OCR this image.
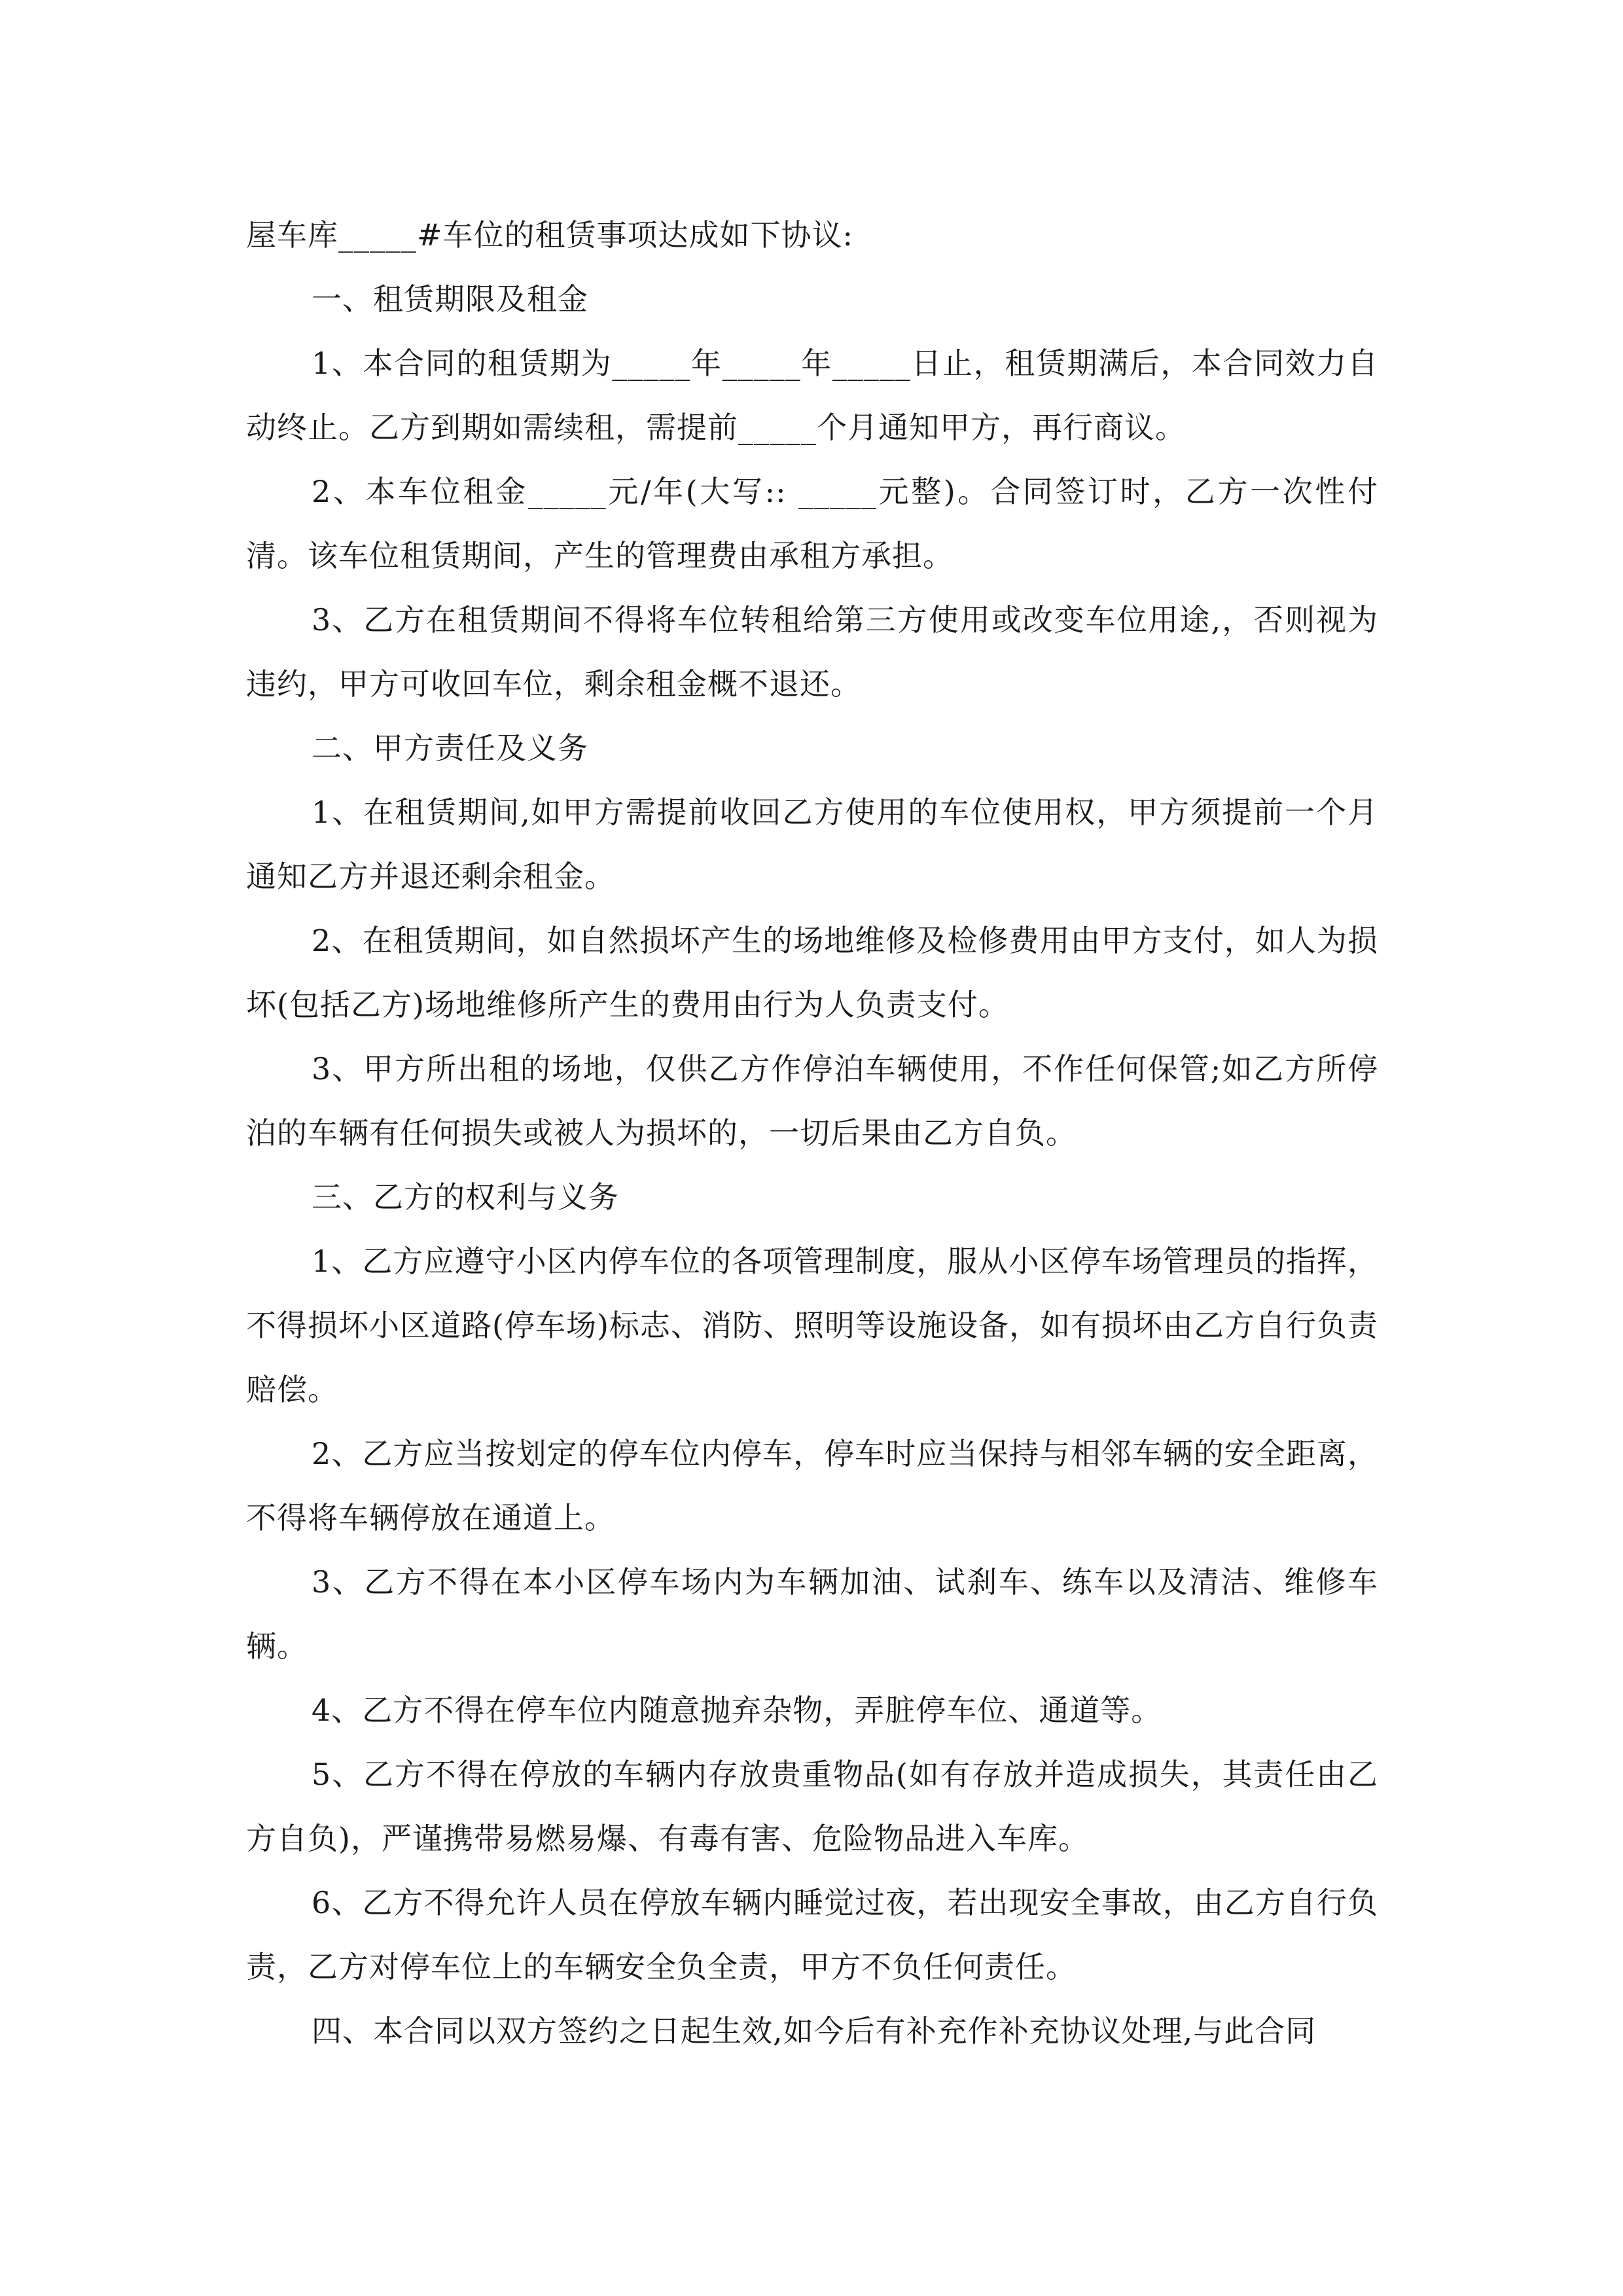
屋车库_____#车位的租赁事项达成如下协议:

一、租赁期限及租金

1、本合同的租赁期为_____年_____年_____日止，租赁期满后，本合同效力自动终止。乙方到期如需续租，需提前_____个月通知甲方，再行商议。

2、本车位租金_____元/年(大写:: _____元整)。合同签订时，乙方一次性付清。该车位租赁期间，产生的管理费由承租方承担。

3、乙方在租赁期间不得将车位转租给第三方使用或改变车位用途,，否则视为违约，甲方可收回车位，剩余租金概不退还。

二、甲方责任及义务

1、在租赁期间,如甲方需提前收回乙方使用的车位使用权，甲方须提前一个月通知乙方并退还剩余租金。

2、在租赁期间，如自然损坏产生的场地维修及检修费用由甲方支付，如人为损坏(包括乙方)场地维修所产生的费用由行为人负责支付。

3、甲方所出租的场地，仅供乙方作停泊车辆使用，不作任何保管;如乙方所停泊的车辆有任何损失或被人为损坏的，一切后果由乙方自负。

三、乙方的权利与义务

1、乙方应遵守小区内停车位的各项管理制度，服从小区停车场管理员的指挥，不得损坏小区道路(停车场)标志、消防、照明等设施设备，如有损坏由乙方自行负责赔偿。

2、乙方应当按划定的停车位内停车，停车时应当保持与相邻车辆的安全距离，不得将车辆停放在通道上。

3、乙方不得在本小区停车场内为车辆加油、试刹车、练车以及清洁、维修车辆。

4、乙方不得在停车位内随意抛弃杂物，弄脏停车位、通道等。

5、乙方不得在停放的车辆内存放贵重物品(如有存放并造成损失，其责任由乙方自负)，严谨携带易燃易爆、有毒有害、危险物品进入车库。

6、乙方不得允许人员在停放车辆内睡觉过夜，若出现安全事故，由乙方自行负责，乙方对停车位上的车辆安全负全责，甲方不负任何责任。

四、本合同以双方签约之日起生效,如今后有补充作补充协议处理,与此合同
